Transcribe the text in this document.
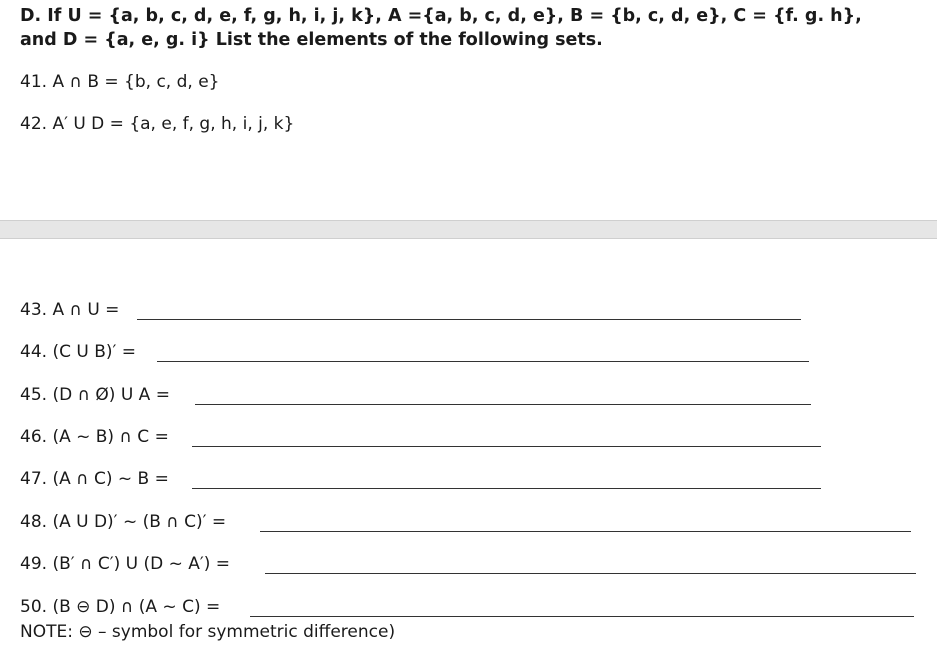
D. If U = {a, b, c, d, e, f, g, h, i, j, k}, A ={a, b, c, d, e}, B = {b, c, d, e}, C = {f. g. h},
and D = {a, e, g. i} List the elements of the following sets.
41. A ∩ B = {b, c, d, e}
42. A′ U D = {a, e, f, g, h, i, j, k}
43. A ∩ U =
44. (C U B)′ =
45. (D ∩ Ø) U A =
46. (A ~ B) ∩ C =
47. (A ∩ C) ~ B =
48. (A U D)′ ~ (B ∩ C)′ =
49. (B′ ∩ C′) U (D ~ A′) =
50. (B ⊖ D) ∩ (A ~ C) =
NOTE: ⊖ – symbol for symmetric difference)
